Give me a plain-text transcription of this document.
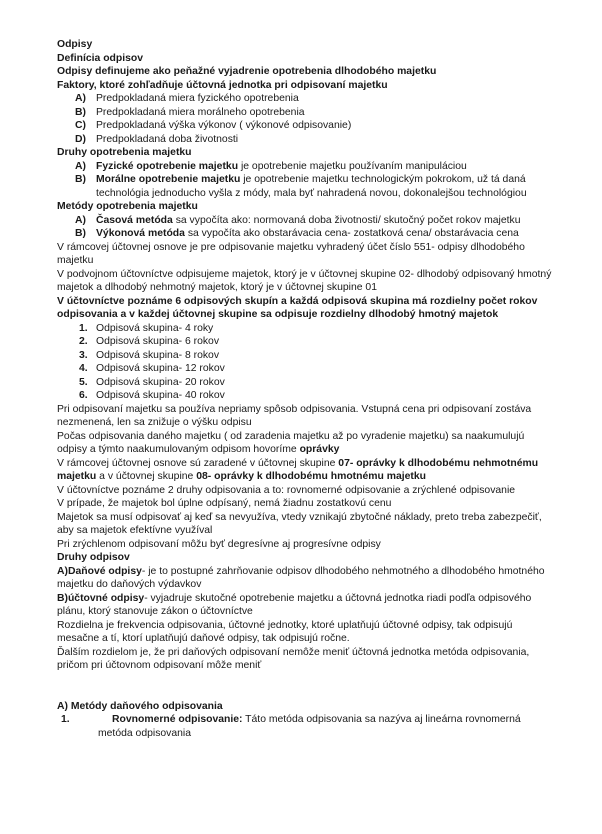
Odpisy

Definícia odpisov

Odpisy definujeme ako peňažné vyjadrenie opotrebenia dlhodobého majetku

Faktory, ktoré zohľadňuje účtovná jednotka pri odpisovaní majetku

A) Predpokladaná miera fyzického opotrebenia
B) Predpokladaná miera morálneho opotrebenia
C) Predpokladaná výška výkonov ( výkonové odpisovanie)
D) Predpokladaná doba životnosti

Druhy opotrebenia majetku

A) Fyzické opotrebenie majetku je opotrebenie majetku používaním manipuláciou
B) Morálne opotrebenie majetku je opotrebenie majetku technologickým pokrokom, už tá daná technológia jednoducho vyšla z módy, mala byť nahradená novou, dokonalejšou technológiou

Metódy opotrebenia majetku

A) Časová metóda sa vypočíta ako: normovaná doba životnosti/ skutočný počet rokov majetku
B) Výkonová metóda sa vypočíta ako obstarávacia cena- zostatková cena/ obstarávacia cena

V rámcovej účtovnej osnove je pre odpisovanie majetku vyhradený účet číslo 551- odpisy dlhodobého majetku

V podvojnom účtovníctve odpisujeme majetok, ktorý je v účtovnej skupine 02- dlhodobý odpisovaný hmotný majetok a dlhodobý nehmotný majetok, ktorý je v účtovnej skupine 01

V účtovníctve poznáme 6 odpisových skupín a každá odpisová skupina má rozdielny počet rokov odpisovania a v každej účtovnej skupine sa odpisuje rozdielny dlhodobý hmotný majetok

1. Odpisová skupina- 4 roky
2. Odpisová skupina- 6 rokov
3. Odpisová skupina- 8 rokov
4. Odpisová skupina- 12 rokov
5. Odpisová skupina- 20 rokov
6. Odpisová skupina- 40 rokov

Pri odpisovaní majetku sa používa nepriamy spôsob odpisovania. Vstupná cena pri odpisovaní zostáva nezmenená, len sa znižuje o výšku odpisu

Počas odpisovania daného majetku ( od zaradenia majetku až po vyradenie majetku) sa naakumulujú odpisy a týmto naakumulovaným odpisom hovoríme oprávky

V rámcovej účtovnej osnove sú zaradené v účtovnej skupine 07- oprávky k dlhodobému nehmotnému majetku a v účtovnej skupine 08- oprávky k dlhodobému hmotnému majetku

V účtovníctve poznáme 2 druhy odpisovania a to: rovnomerné odpisovanie a zrýchlené odpisovanie

V prípade, že majetok bol úplne odpísaný, nemá žiadnu zostatkovú cenu

Majetok sa musí odpisovať aj keď sa nevyužíva, vtedy vznikajú zbytočné náklady, preto treba zabezpečiť, aby sa majetok efektívne využíval

Pri zrýchlenom odpisovaní môžu byť degresívne aj progresívne odpisy

Druhy odpisov

A)Daňové odpisy- je to postupné zahrňovanie odpisov dlhodobého nehmotného a dlhodobého hmotného majetku do daňových výdavkov

B)účtovné odpisy- vyjadruje skutočné opotrebenie majetku a účtovná jednotka riadi podľa odpisového plánu, ktorý stanovuje zákon o účtovníctve

Rozdielna je frekvencia odpisovania, účtovné jednotky, ktoré uplatňujú účtovné odpisy, tak odpisujú mesačne a tí, ktorí uplatňujú daňové odpisy, tak odpisujú ročne.

Ďalším rozdielom je, že pri daňových odpisovaní nemôže meniť účtovná jednotka metóda odpisovania, pričom pri účtovnom odpisovaní môže meniť

A) Metódy daňového odpisovania

1.	Rovnomerné odpisovanie: Táto metóda odpisovania sa nazýva aj lineárna rovnomerná metóda odpisovania
